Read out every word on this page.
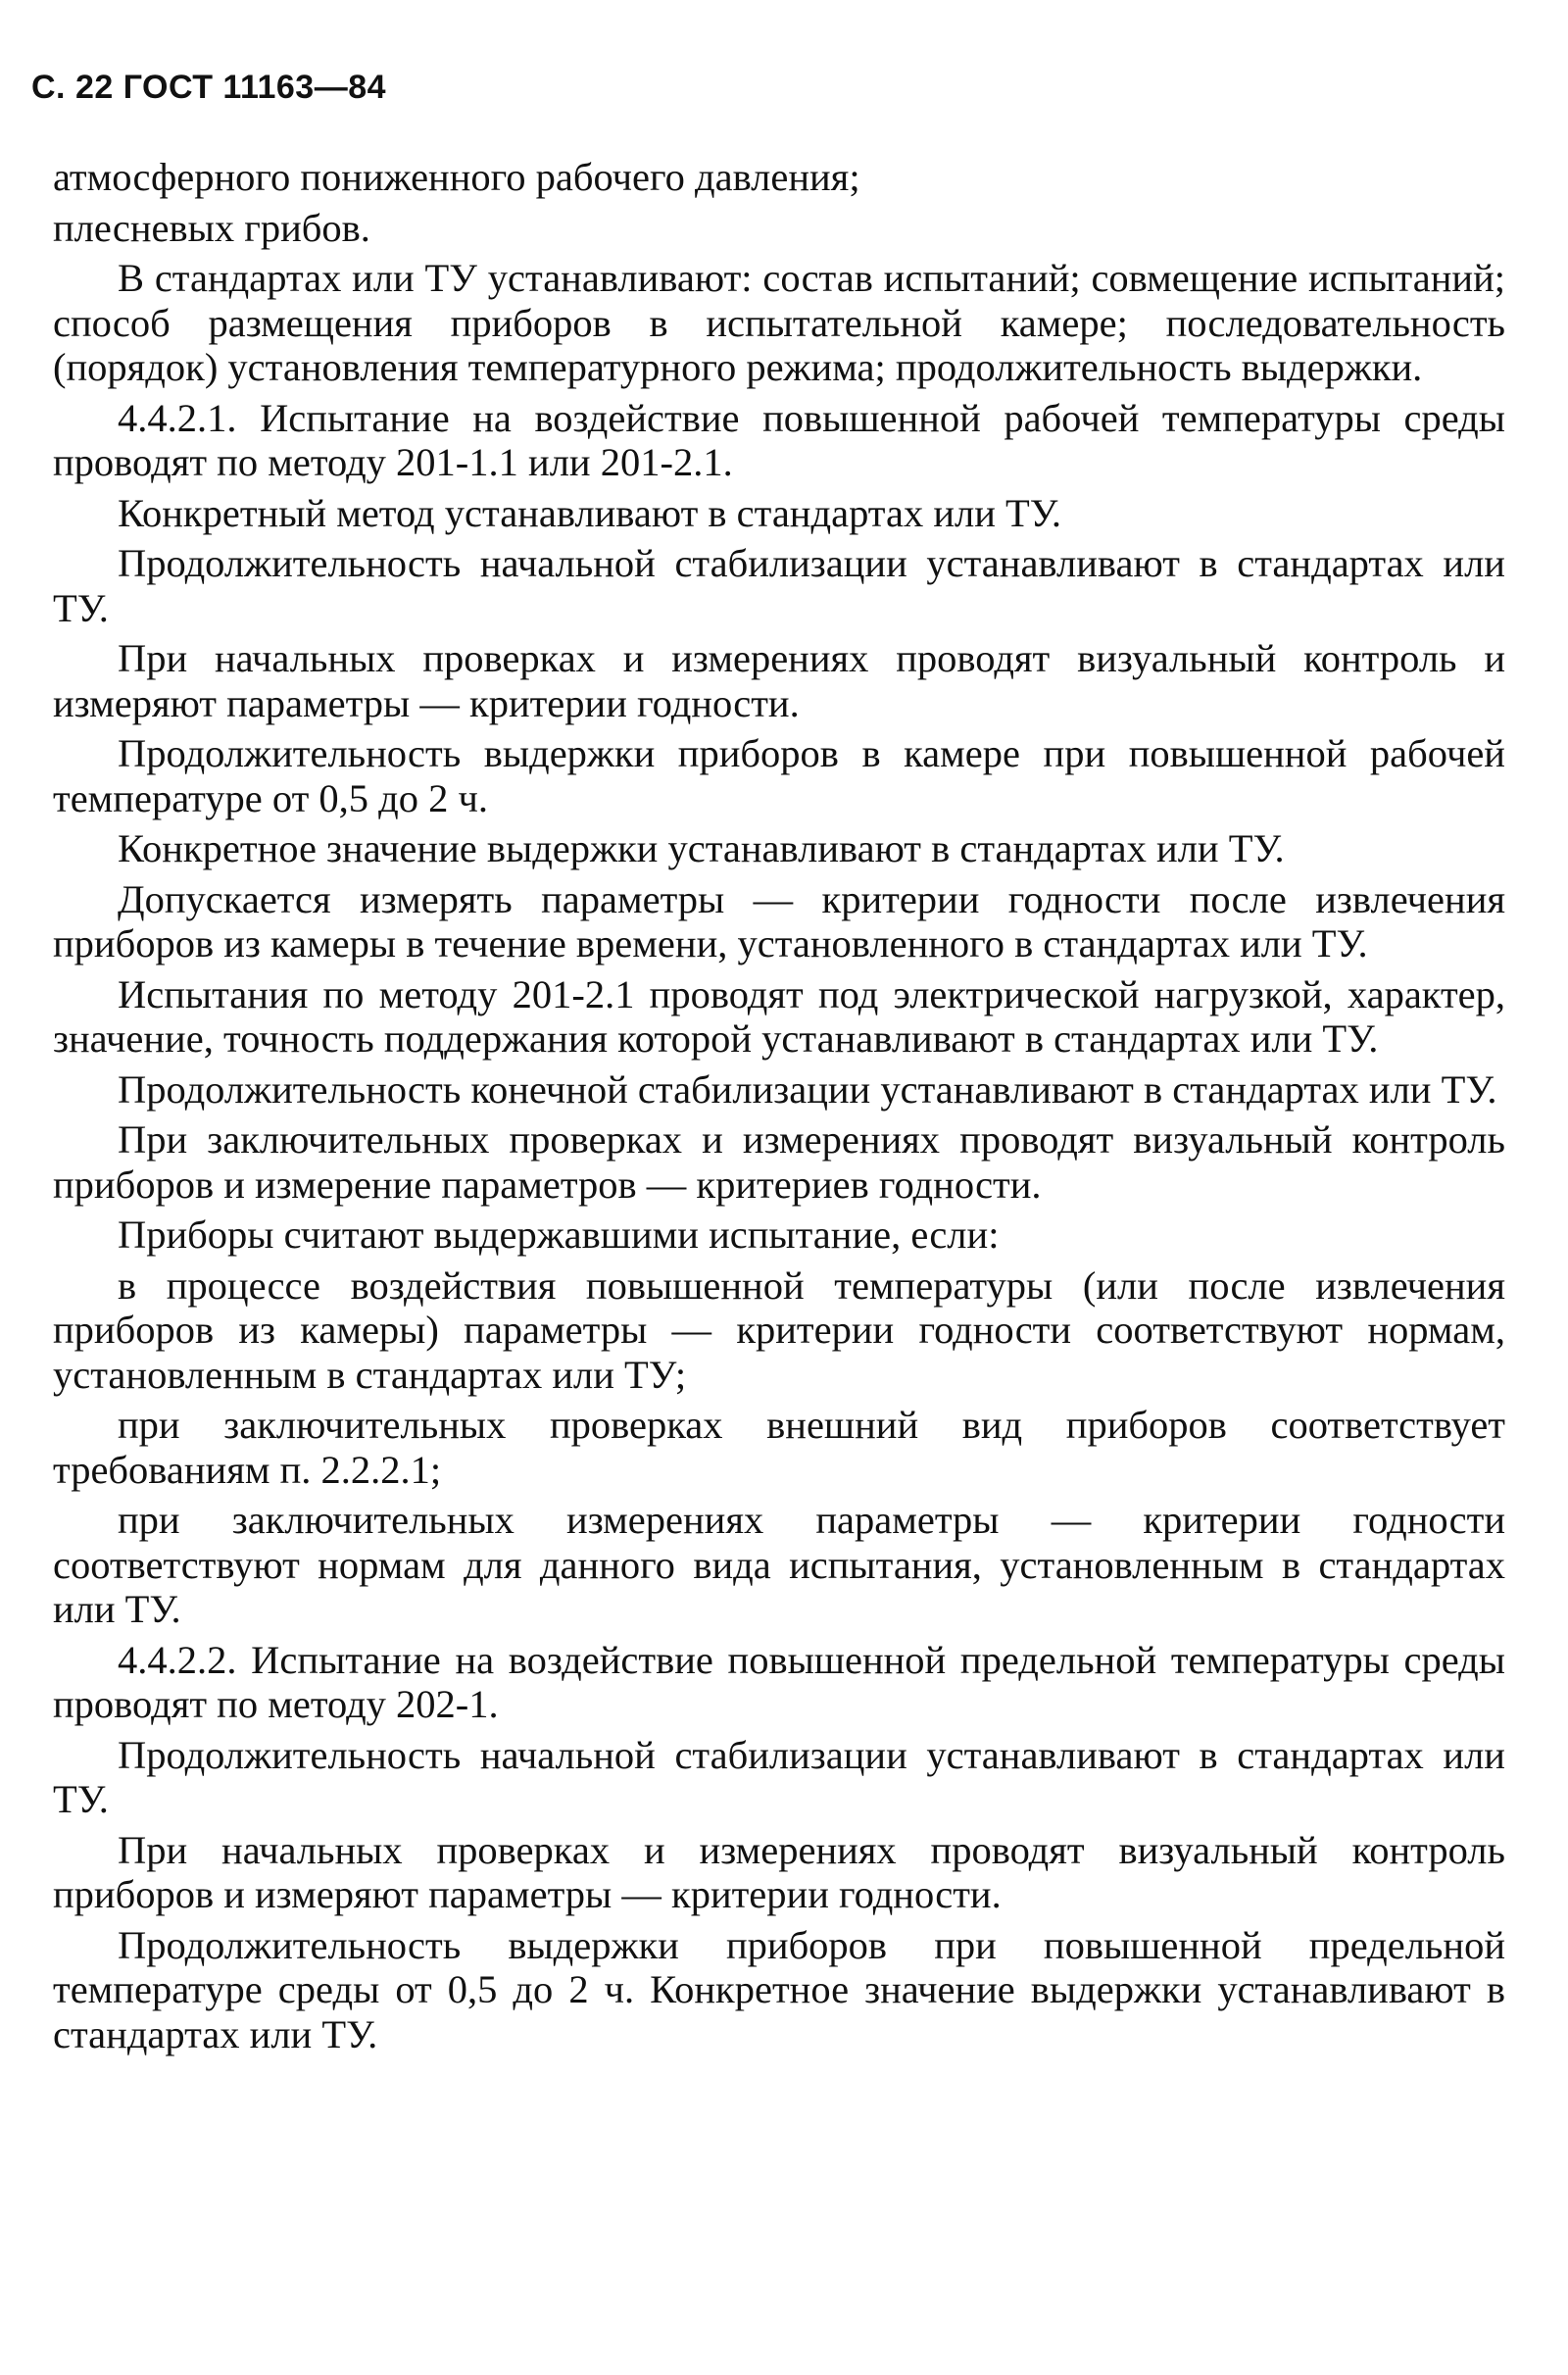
С. 22 ГОСТ 11163—84

атмосферного пониженного рабочего давления;

плесневых грибов.

В стандартах или ТУ устанавливают: состав испытаний; совмещение испытаний; способ размещения приборов в испытательной камере; последовательность (порядок) установления температурного режима; продолжительность выдержки.

4.4.2.1. Испытание на воздействие повышенной рабочей температуры среды проводят по методу 201-1.1 или 201-2.1.

Конкретный метод устанавливают в стандартах или ТУ.

Продолжительность начальной стабилизации устанавливают в стандартах или ТУ.

При начальных проверках и измерениях проводят визуальный контроль и измеряют параметры — критерии годности.

Продолжительность выдержки приборов в камере при повышенной рабочей температуре от 0,5 до 2 ч.

Конкретное значение выдержки устанавливают в стандартах или ТУ.

Допускается измерять параметры — критерии годности после извлечения приборов из камеры в течение времени, установленного в стандартах или ТУ.

Испытания по методу 201-2.1 проводят под электрической нагрузкой, характер, значение, точность поддержания которой устанавливают в стандартах или ТУ.

Продолжительность конечной стабилизации устанавливают в стандартах или ТУ.

При заключительных проверках и измерениях проводят визуальный контроль приборов и измерение параметров — критериев годности.

Приборы считают выдержавшими испытание, если:

в процессе воздействия повышенной температуры (или после извлечения приборов из камеры) параметры — критерии годности соответствуют нормам, установленным в стандартах или ТУ;

при заключительных проверках внешний вид приборов соответствует требованиям п. 2.2.2.1;

при заключительных измерениях параметры — критерии годности соответствуют нормам для данного вида испытания, установленным в стандартах или ТУ.

4.4.2.2. Испытание на воздействие повышенной предельной температуры среды проводят по методу 202-1.

Продолжительность начальной стабилизации устанавливают в стандартах или ТУ.

При начальных проверках и измерениях проводят визуальный контроль приборов и измеряют параметры — критерии годности.

Продолжительность выдержки приборов при повышенной предельной температуре среды от 0,5 до 2 ч. Конкретное значение выдержки устанавливают в стандартах или ТУ.
